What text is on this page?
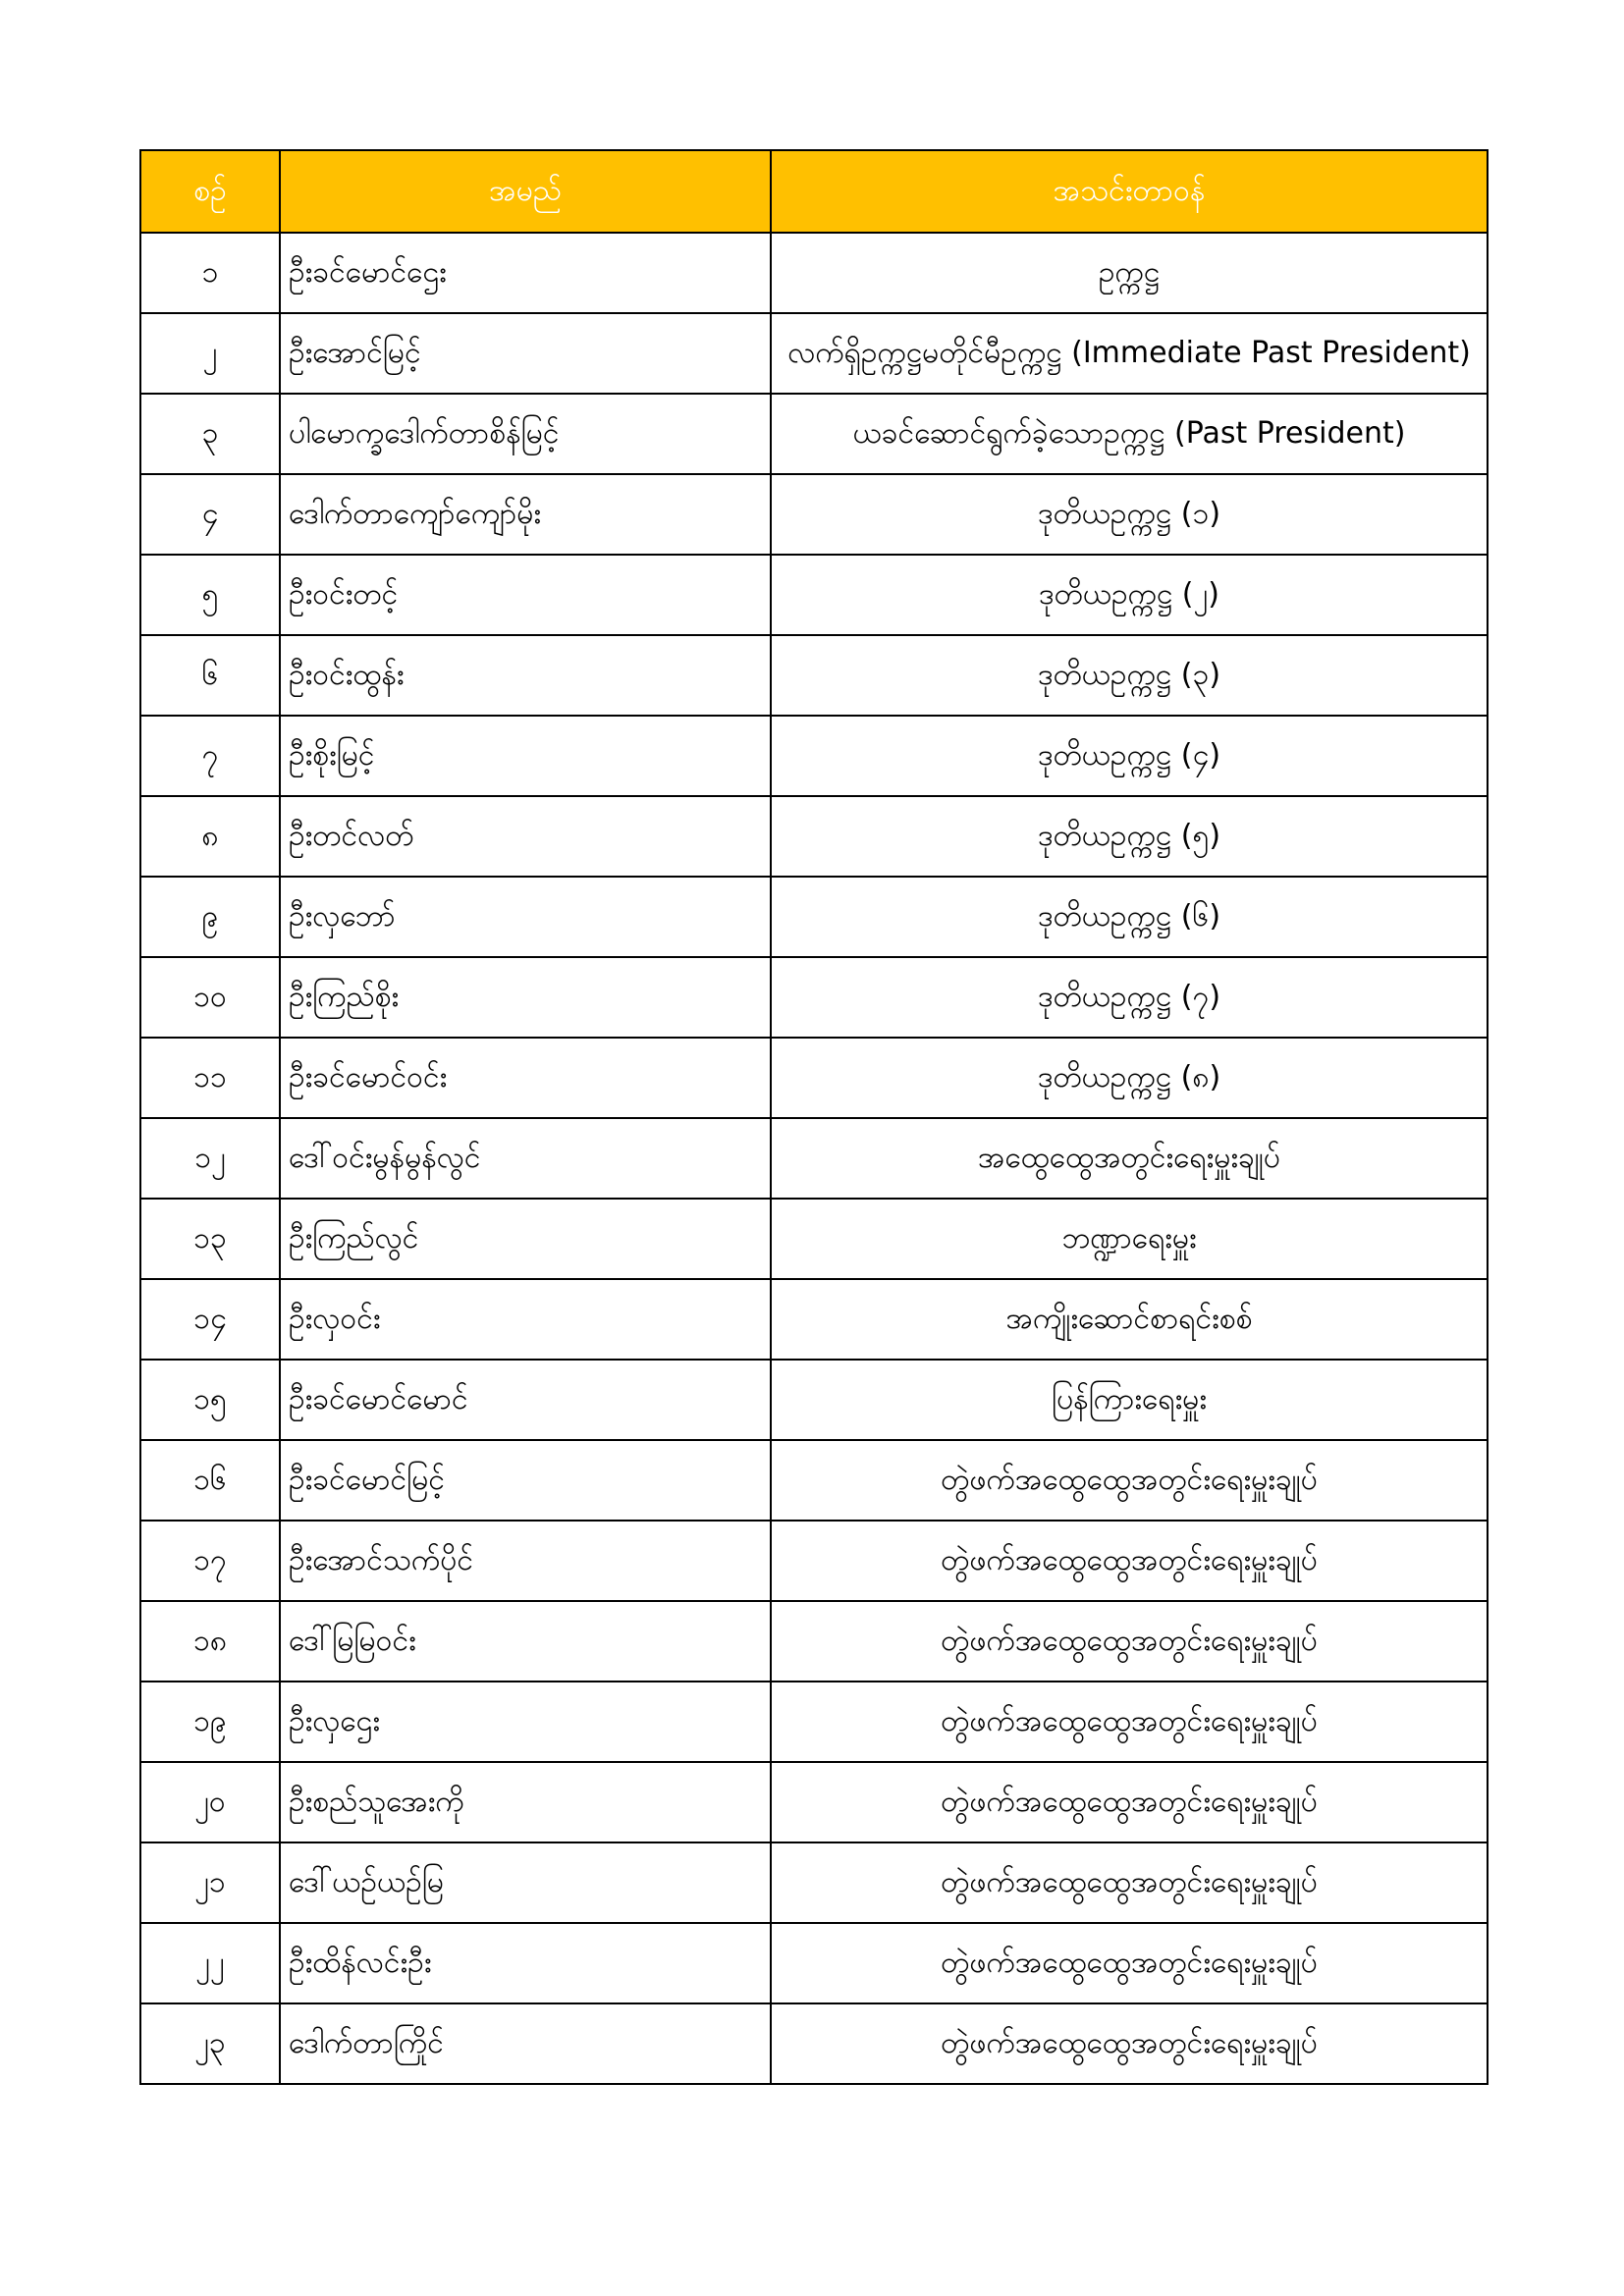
စဉ်	အမည်	အသင်းတာဝန်
၁	ဦးခင်မောင်ဌေး	ဥက္ကဋ္ဌ
၂	ဦးအောင်မြင့်	လက်ရှိဥက္ကဋ္ဌမတိုင်မီဥက္ကဋ္ဌ (Immediate Past President)
၃	ပါမောက္ခဒေါက်တာစိန်မြင့်	ယခင်ဆောင်ရွက်ခဲ့သောဥက္ကဋ္ဌ (Past President)
၄	ဒေါက်တာကျော်ကျော်မိုး	ဒုတိယဥက္ကဋ္ဌ (၁)
၅	ဦးဝင်းတင့်	ဒုတိယဥက္ကဋ္ဌ (၂)
၆	ဦးဝင်းထွန်း	ဒုတိယဥက္ကဋ္ဌ (၃)
၇	ဦးစိုးမြင့်	ဒုတိယဥက္ကဋ္ဌ (၄)
၈	ဦးတင်လတ်	ဒုတိယဥက္ကဋ္ဌ (၅)
၉	ဦးလှဘော်	ဒုတိယဥက္ကဋ္ဌ (၆)
၁၀	ဦးကြည်စိုး	ဒုတိယဥက္ကဋ္ဌ (၇)
၁၁	ဦးခင်မောင်ဝင်း	ဒုတိယဥက္ကဋ္ဌ (၈)
၁၂	ဒေါ်ဝင်းမွန်မွန်လွင်	အထွေထွေအတွင်းရေးမှူးချုပ်
၁၃	ဦးကြည်လွင်	ဘဏ္ဍာရေးမှူး
၁၄	ဦးလှဝင်း	အကျိုးဆောင်စာရင်းစစ်
၁၅	ဦးခင်မောင်မောင်	ပြန်ကြားရေးမှူး
၁၆	ဦးခင်မောင်မြင့်	တွဲဖက်အထွေထွေအတွင်းရေးမှူးချုပ်
၁၇	ဦးအောင်သက်ပိုင်	တွဲဖက်အထွေထွေအတွင်းရေးမှူးချုပ်
၁၈	ဒေါ်မြမြဝင်း	တွဲဖက်အထွေထွေအတွင်းရေးမှူးချုပ်
၁၉	ဦးလှဌေး	တွဲဖက်အထွေထွေအတွင်းရေးမှူးချုပ်
၂၀	ဦးစည်သူအေးကို	တွဲဖက်အထွေထွေအတွင်းရေးမှူးချုပ်
၂၁	ဒေါ်ယဉ်ယဉ်မြ	တွဲဖက်အထွေထွေအတွင်းရေးမှူးချုပ်
၂၂	ဦးထိန်လင်းဦး	တွဲဖက်အထွေထွေအတွင်းရေးမှူးချုပ်
၂၃	ဒေါက်တာကြိုင်	တွဲဖက်အထွေထွေအတွင်းရေးမှူးချုပ်
